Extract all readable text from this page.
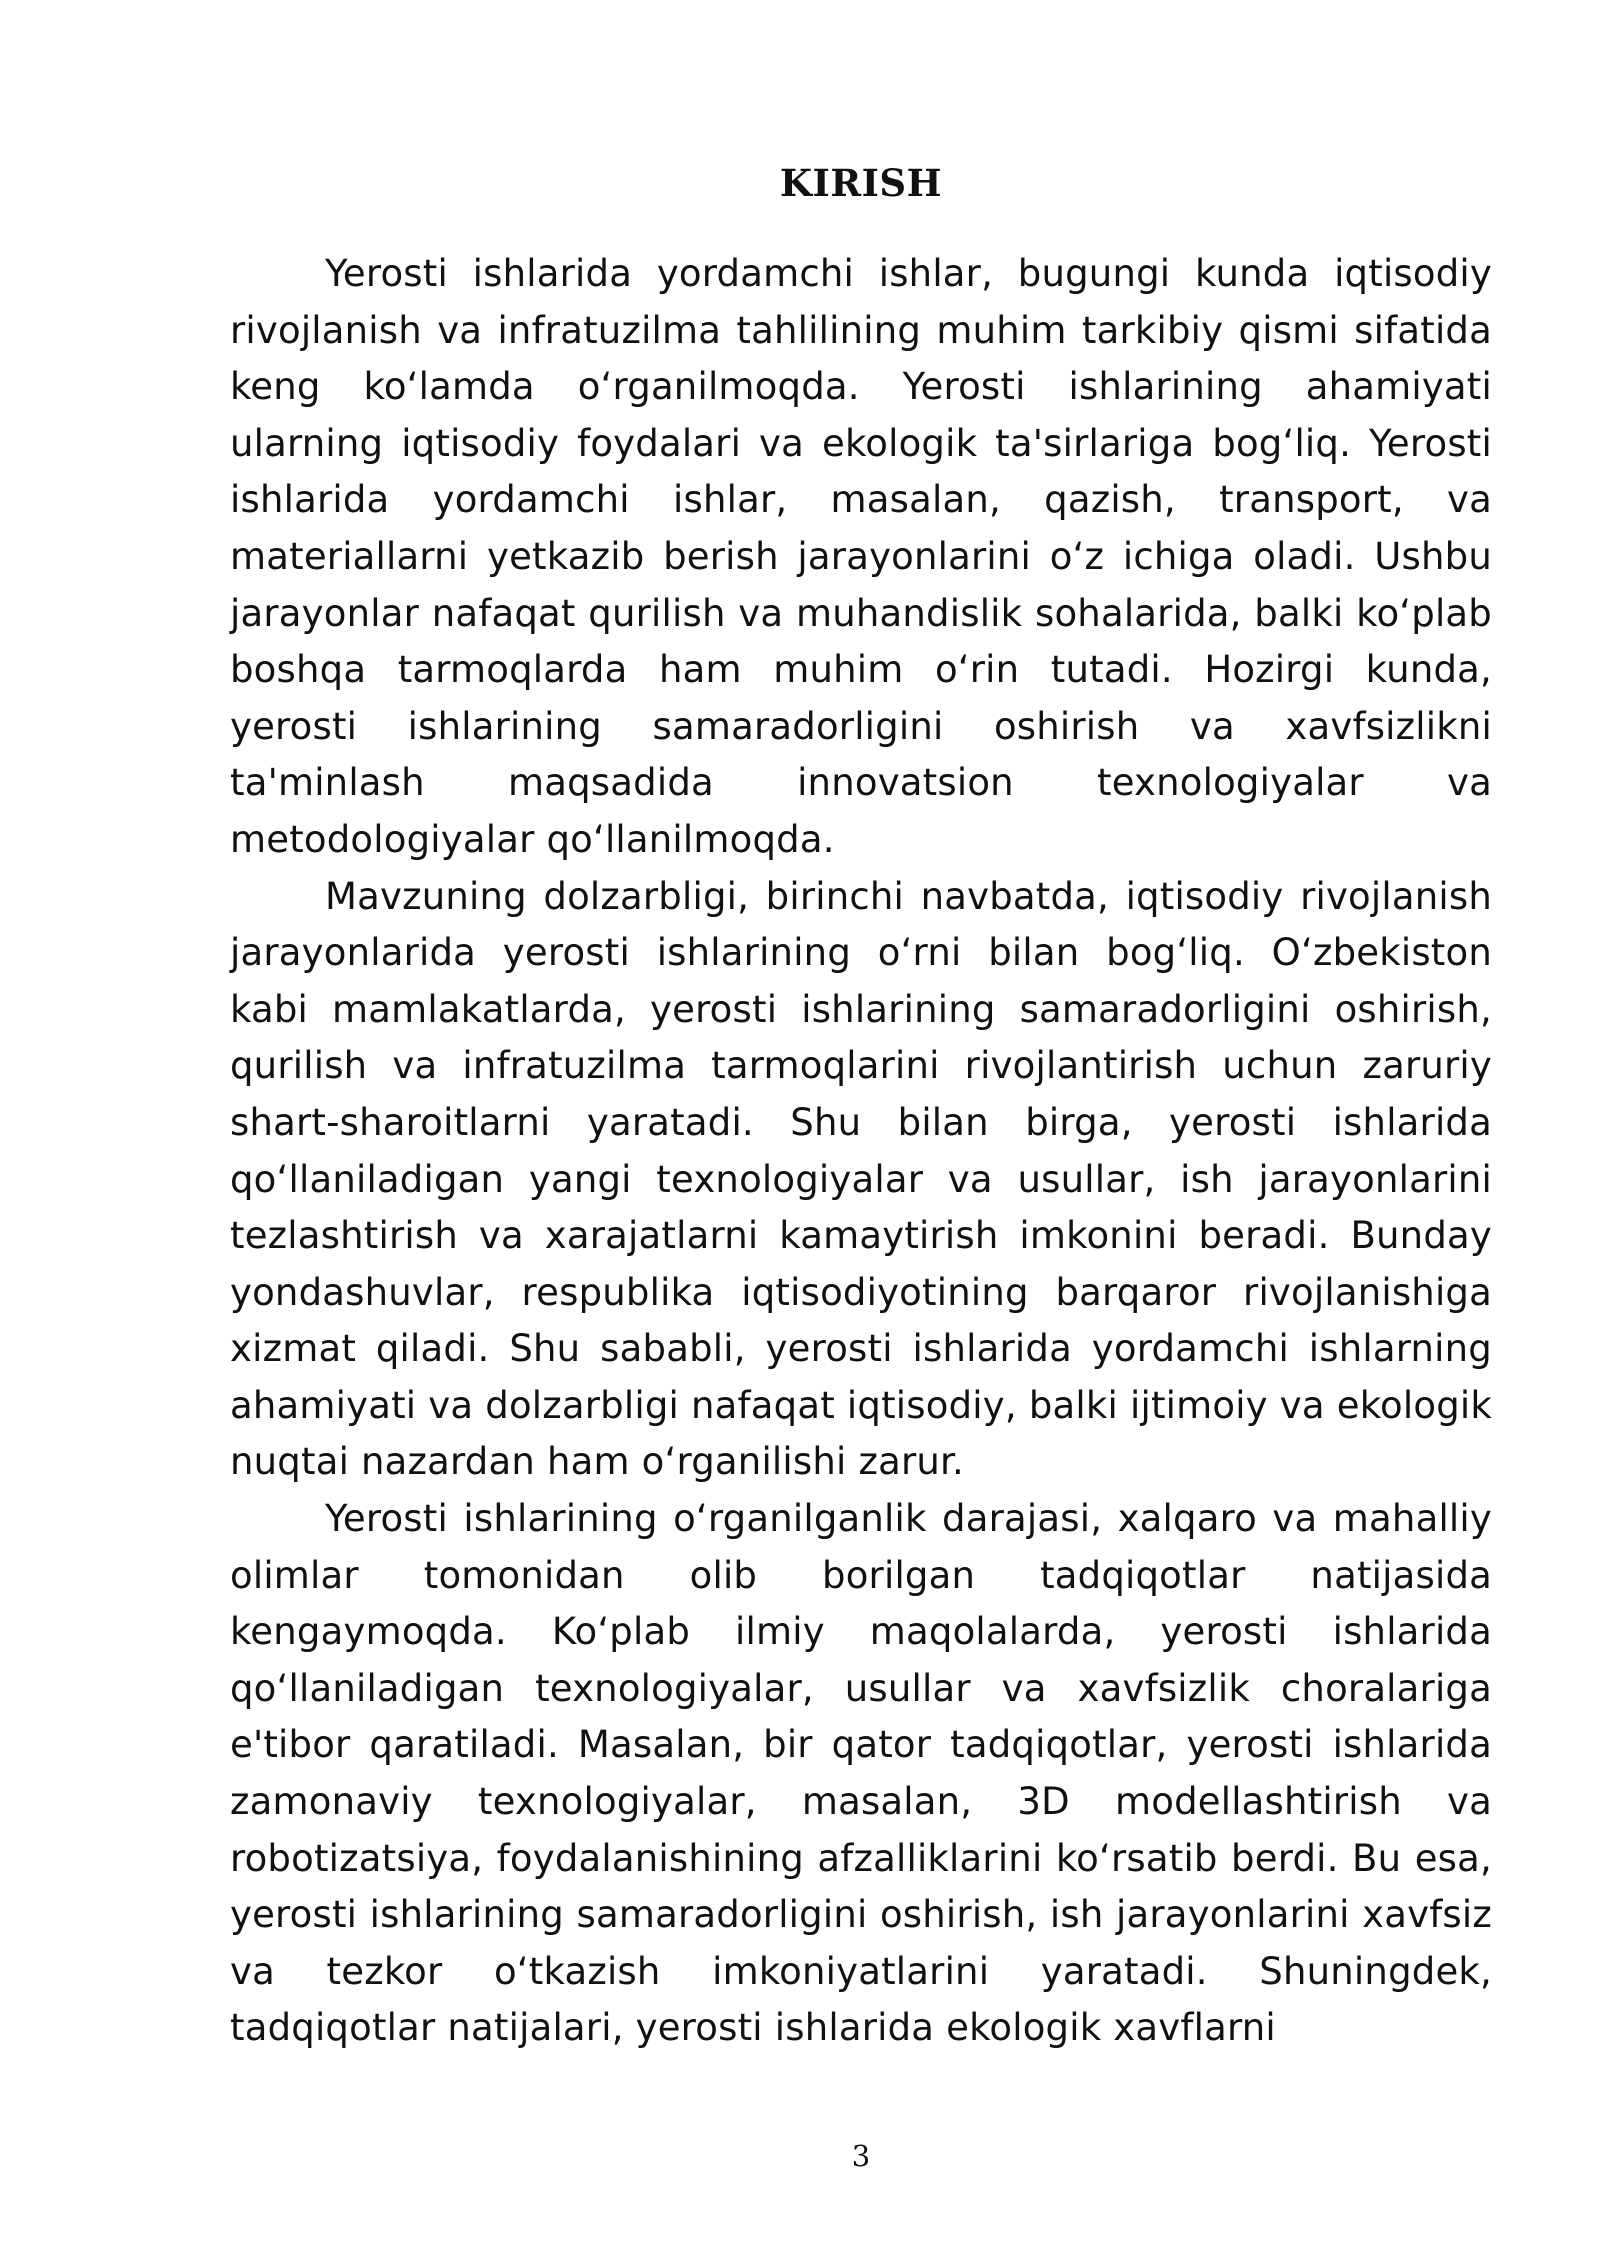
KIRISH

Yerosti ishlarida yordamchi ishlar, bugungi kunda iqtisodiy rivojlanish va infratuzilma tahlilining muhim tarkibiy qismi sifatida keng koʻlamda oʻrganilmoqda. Yerosti ishlarining ahamiyati ularning iqtisodiy foydalari va ekologik ta'sirlariga bogʻliq. Yerosti ishlarida yordamchi ishlar, masalan, qazish, transport, va materiallarni yetkazib berish jarayonlarini oʻz ichiga oladi. Ushbu jarayonlar nafaqat qurilish va muhandislik sohalarida, balki koʻplab boshqa tarmoqlarda ham muhim oʻrin tutadi. Hozirgi kunda, yerosti ishlarining samaradorligini oshirish va xavfsizlikni ta'minlash maqsadida innovatsion texnologiyalar va metodologiyalar qoʻllanilmoqda.

Mavzuning dolzarbligi, birinchi navbatda, iqtisodiy rivojlanish jarayonlarida yerosti ishlarining oʻrni bilan bogʻliq. Oʻzbekiston kabi mamlakatlarda, yerosti ishlarining samaradorligini oshirish, qurilish va infratuzilma tarmoqlarini rivojlantirish uchun zaruriy shart-sharoitlarni yaratadi. Shu bilan birga, yerosti ishlarida qoʻllaniladigan yangi texnologiyalar va usullar, ish jarayonlarini tezlashtirish va xarajatlarni kamaytirish imkonini beradi. Bunday yondashuvlar, respublika iqtisodiyotining barqaror rivojlanishiga xizmat qiladi. Shu sababli, yerosti ishlarida yordamchi ishlarning ahamiyati va dolzarbligi nafaqat iqtisodiy, balki ijtimoiy va ekologik nuqtai nazardan ham oʻrganilishi zarur.

Yerosti ishlarining oʻrganilganlik darajasi, xalqaro va mahalliy olimlar tomonidan olib borilgan tadqiqotlar natijasida kengaymoqda. Koʻplab ilmiy maqolalarda, yerosti ishlarida qoʻllaniladigan texnologiyalar, usullar va xavfsizlik choralariga e'tibor qaratiladi. Masalan, bir qator tadqiqotlar, yerosti ishlarida zamonaviy texnologiyalar, masalan, 3D modellashtirish va robotizatsiya, foydalanishining afzalliklarini koʻrsatib berdi. Bu esa, yerosti ishlarining samaradorligini oshirish, ish jarayonlarini xavfsiz va tezkor oʻtkazish imkoniyatlarini yaratadi. Shuningdek, tadqiqotlar natijalari, yerosti ishlarida ekologik xavflarni

3
